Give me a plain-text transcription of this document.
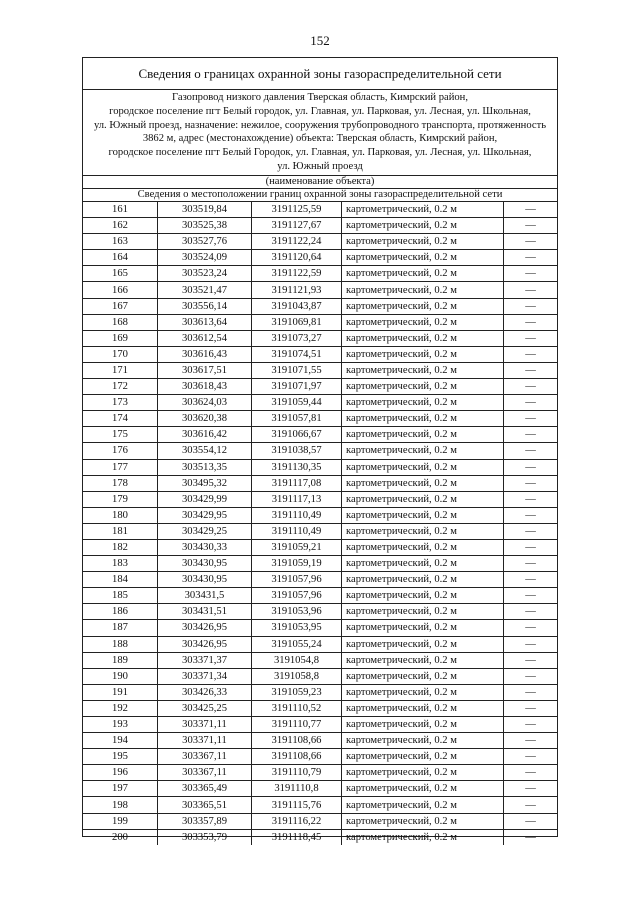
152
Сведения о границах охранной зоны газораспределительной сети
Газопровод низкого давления Тверская область, Кимрский район,
городское поселение пгт Белый городок, ул. Главная, ул. Парковая, ул. Лесная, ул. Школьная,
ул. Южный проезд, назначение: нежилое, сооружения трубопроводного транспорта, протяженность
3862 м, адрес (местонахождение) объекта: Тверская область, Кимрский район,
городское поселение пгт Белый Городок, ул. Главная, ул. Парковая, ул. Лесная, ул. Школьная,
ул. Южный проезд
(наименование объекта)
Сведения о местоположении границ охранной зоны газораспределительной сети
161	303519,84	3191125,59	картометрический, 0.2 м	—
162	303525,38	3191127,67	картометрический, 0.2 м	—
163	303527,76	3191122,24	картометрический, 0.2 м	—
164	303524,09	3191120,64	картометрический, 0.2 м	—
165	303523,24	3191122,59	картометрический, 0.2 м	—
166	303521,47	3191121,93	картометрический, 0.2 м	—
167	303556,14	3191043,87	картометрический, 0.2 м	—
168	303613,64	3191069,81	картометрический, 0.2 м	—
169	303612,54	3191073,27	картометрический, 0.2 м	—
170	303616,43	3191074,51	картометрический, 0.2 м	—
171	303617,51	3191071,55	картометрический, 0.2 м	—
172	303618,43	3191071,97	картометрический, 0.2 м	—
173	303624,03	3191059,44	картометрический, 0.2 м	—
174	303620,38	3191057,81	картометрический, 0.2 м	—
175	303616,42	3191066,67	картометрический, 0.2 м	—
176	303554,12	3191038,57	картометрический, 0.2 м	—
177	303513,35	3191130,35	картометрический, 0.2 м	—
178	303495,32	3191117,08	картометрический, 0.2 м	—
179	303429,99	3191117,13	картометрический, 0.2 м	—
180	303429,95	3191110,49	картометрический, 0.2 м	—
181	303429,25	3191110,49	картометрический, 0.2 м	—
182	303430,33	3191059,21	картометрический, 0.2 м	—
183	303430,95	3191059,19	картометрический, 0.2 м	—
184	303430,95	3191057,96	картометрический, 0.2 м	—
185	303431,5	3191057,96	картометрический, 0.2 м	—
186	303431,51	3191053,96	картометрический, 0.2 м	—
187	303426,95	3191053,95	картометрический, 0.2 м	—
188	303426,95	3191055,24	картометрический, 0.2 м	—
189	303371,37	3191054,8	картометрический, 0.2 м	—
190	303371,34	3191058,8	картометрический, 0.2 м	—
191	303426,33	3191059,23	картометрический, 0.2 м	—
192	303425,25	3191110,52	картометрический, 0.2 м	—
193	303371,11	3191110,77	картометрический, 0.2 м	—
194	303371,11	3191108,66	картометрический, 0.2 м	—
195	303367,11	3191108,66	картометрический, 0.2 м	—
196	303367,11	3191110,79	картометрический, 0.2 м	—
197	303365,49	3191110,8	картометрический, 0.2 м	—
198	303365,51	3191115,76	картометрический, 0.2 м	—
199	303357,89	3191116,22	картометрический, 0.2 м	—
200	303353,79	3191118,45	картометрический, 0.2 м	—
